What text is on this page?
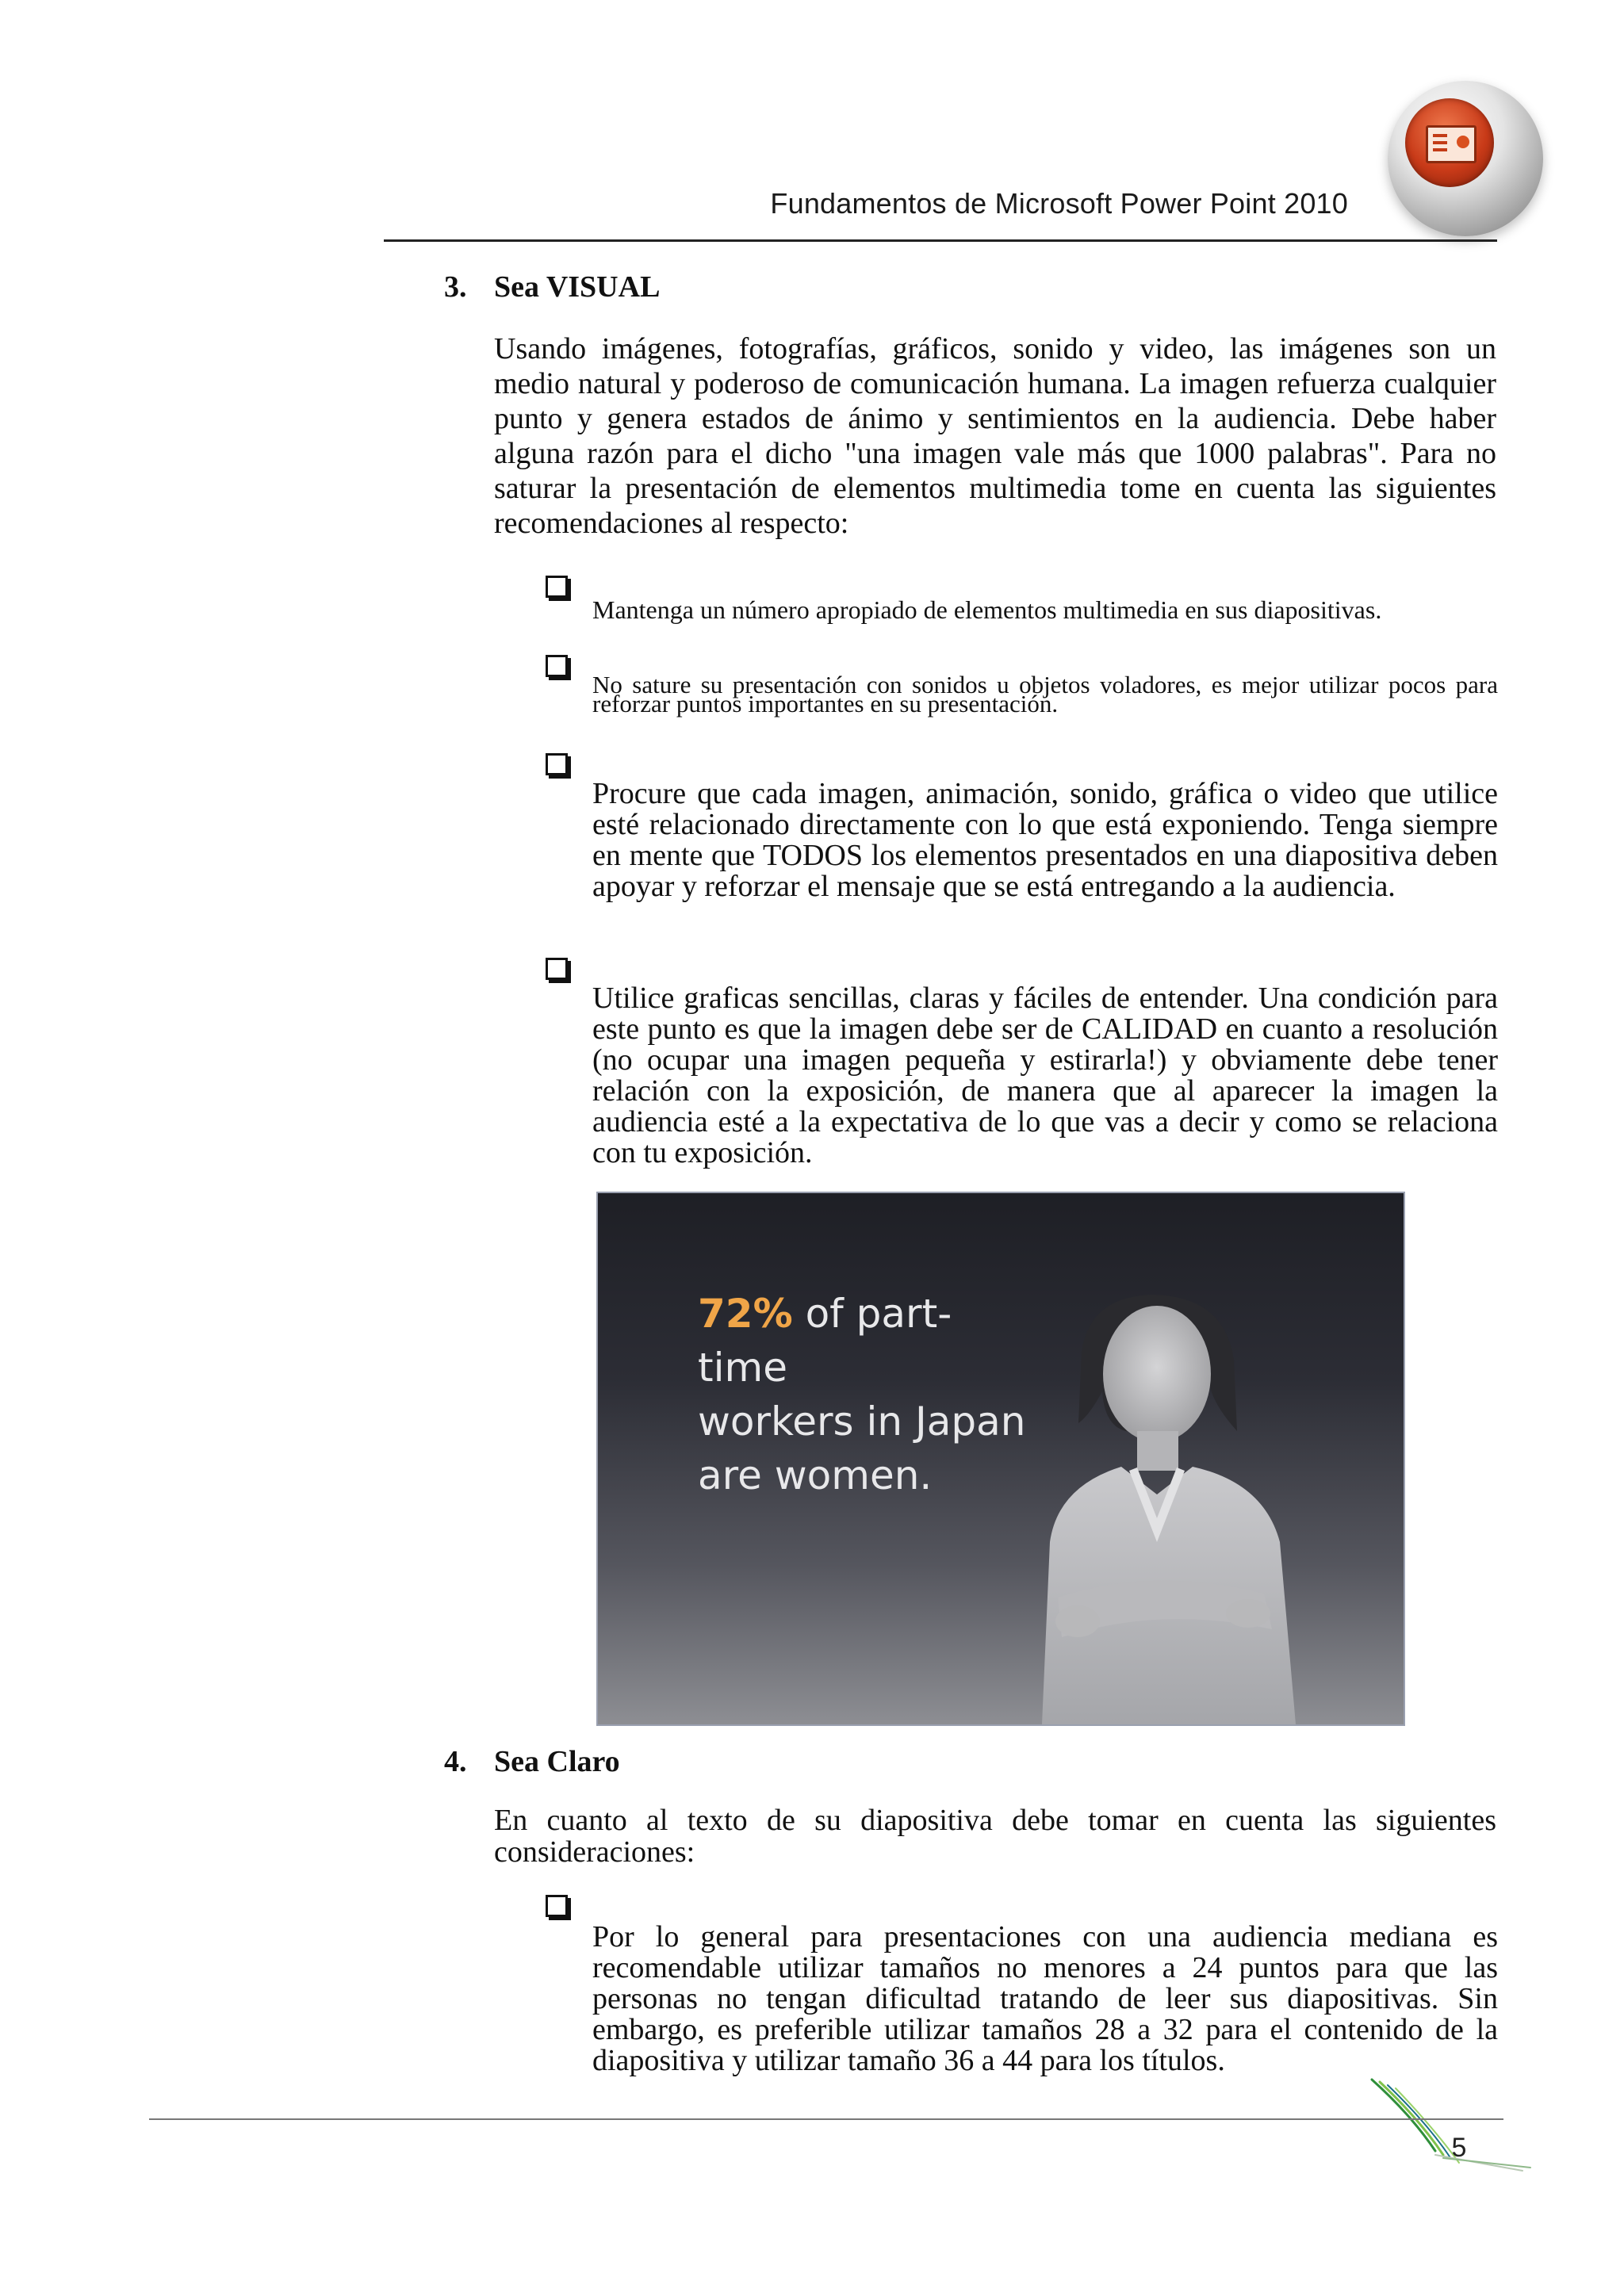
Fundamentos de Microsoft Power Point 2010
3. Sea VISUAL
Usando imágenes, fotografías, gráficos, sonido y video, las imágenes son un medio natural y poderoso de comunicación humana. La imagen refuerza cualquier punto y genera estados de ánimo y sentimientos en la audiencia. Debe haber alguna razón para el dicho "una imagen vale más que 1000 palabras". Para no saturar la presentación de elementos multimedia tome en cuenta las siguientes recomendaciones al respecto:
Mantenga un número apropiado de elementos multimedia en sus diapositivas.
No sature su presentación con sonidos u objetos voladores, es mejor utilizar pocos para reforzar puntos importantes en su presentación.
Procure que cada imagen, animación, sonido, gráfica o video que utilice esté relacionado directamente con lo que está exponiendo. Tenga siempre en mente que TODOS los elementos presentados en una diapositiva deben apoyar y reforzar el mensaje que se está entregando a la audiencia.
Utilice graficas sencillas, claras y fáciles de entender. Una condición para este punto es que la imagen debe ser de CALIDAD en cuanto a resolución (no ocupar una imagen pequeña y estirarla!) y obviamente debe tener relación con la exposición, de manera que al aparecer la imagen la audiencia esté a la expectativa de lo que vas a decir y como se relaciona con tu exposición.
72% of part-time
workers in Japan
are women.
4. Sea Claro
En cuanto al texto de su diapositiva debe tomar en cuenta las siguientes consideraciones:
Por lo general para presentaciones con una audiencia mediana es recomendable utilizar tamaños no menores a 24 puntos para que las personas no tengan dificultad tratando de leer sus diapositivas. Sin embargo, es preferible utilizar tamaños 28 a 32 para el contenido de la diapositiva y utilizar tamaño 36 a 44 para los títulos.
5
